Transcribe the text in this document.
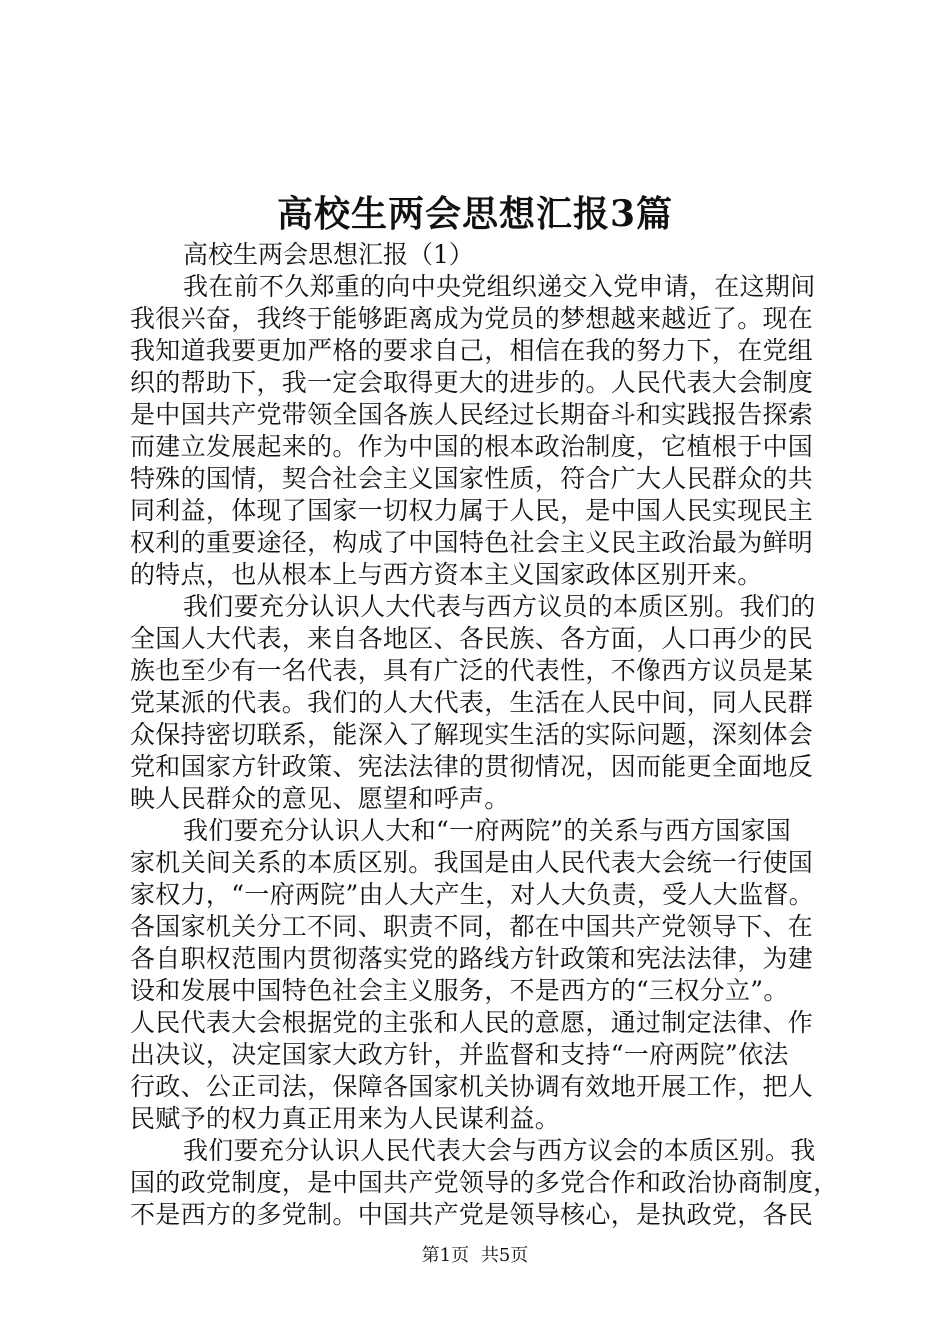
高校生两会思想汇报3篇
高校生两会思想汇报（1）
我在前不久郑重的向中央党组织递交入党申请，在这期间
我很兴奋，我终于能够距离成为党员的梦想越来越近了。现在
我知道我要更加严格的要求自己，相信在我的努力下，在党组
织的帮助下，我一定会取得更大的进步的。人民代表大会制度
是中国共产党带领全国各族人民经过长期奋斗和实践报告探索
而建立发展起来的。作为中国的根本政治制度，它植根于中国
特殊的国情，契合社会主义国家性质，符合广大人民群众的共
同利益，体现了国家一切权力属于人民，是中国人民实现民主
权利的重要途径，构成了中国特色社会主义民主政治最为鲜明
的特点，也从根本上与西方资本主义国家政体区别开来。
我们要充分认识人大代表与西方议员的本质区别。我们的
全国人大代表，来自各地区、各民族、各方面，人口再少的民
族也至少有一名代表，具有广泛的代表性，不像西方议员是某
党某派的代表。我们的人大代表，生活在人民中间，同人民群
众保持密切联系，能深入了解现实生活的实际问题，深刻体会
党和国家方针政策、宪法法律的贯彻情况，因而能更全面地反
映人民群众的意见、愿望和呼声。
我们要充分认识人大和“一府两院”的关系与西方国家国
家机关间关系的本质区别。我国是由人民代表大会统一行使国
家权力，“一府两院”由人大产生，对人大负责，受人大监督。
各国家机关分工不同、职责不同，都在中国共产党领导下、在
各自职权范围内贯彻落实党的路线方针政策和宪法法律，为建
设和发展中国特色社会主义服务，不是西方的“三权分立”。
人民代表大会根据党的主张和人民的意愿，通过制定法律、作
出决议，决定国家大政方针，并监督和支持“一府两院”依法
行政、公正司法，保障各国家机关协调有效地开展工作，把人
民赋予的权力真正用来为人民谋利益。
我们要充分认识人民代表大会与西方议会的本质区别。我
国的政党制度，是中国共产党领导的多党合作和政治协商制度，
不是西方的多党制。中国共产党是领导核心，是执政党，各民
第1页 共5页
